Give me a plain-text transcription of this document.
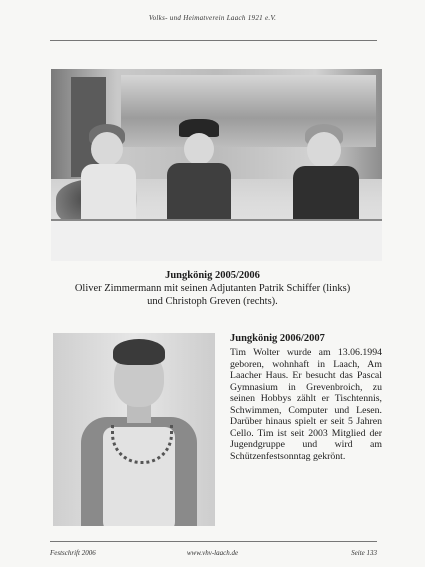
Volks- und Heimatverein Laach 1921 e.V.
Jungkönig 2005/2006
Oliver Zimmermann mit seinen Adjutanten Patrik Schiffer (links)
und Christoph Greven (rechts).
Jungkönig 2006/2007
Tim Wolter wurde am 13.06.1994 geboren, wohnhaft in Laach, Am Laacher Haus. Er besucht das Pascal Gymnasium in Grevenbroich, zu seinen Hobbys zählt er Tischtennis, Schwimmen, Computer und Lesen. Darüber hinaus spielt er seit 5 Jahren Cello. Tim ist seit 2003 Mitglied der Jugendgruppe und wird am Schützenfestsonntag gekrönt.
Festschrift 2006	www.vhv-laach.de	Seite 133
